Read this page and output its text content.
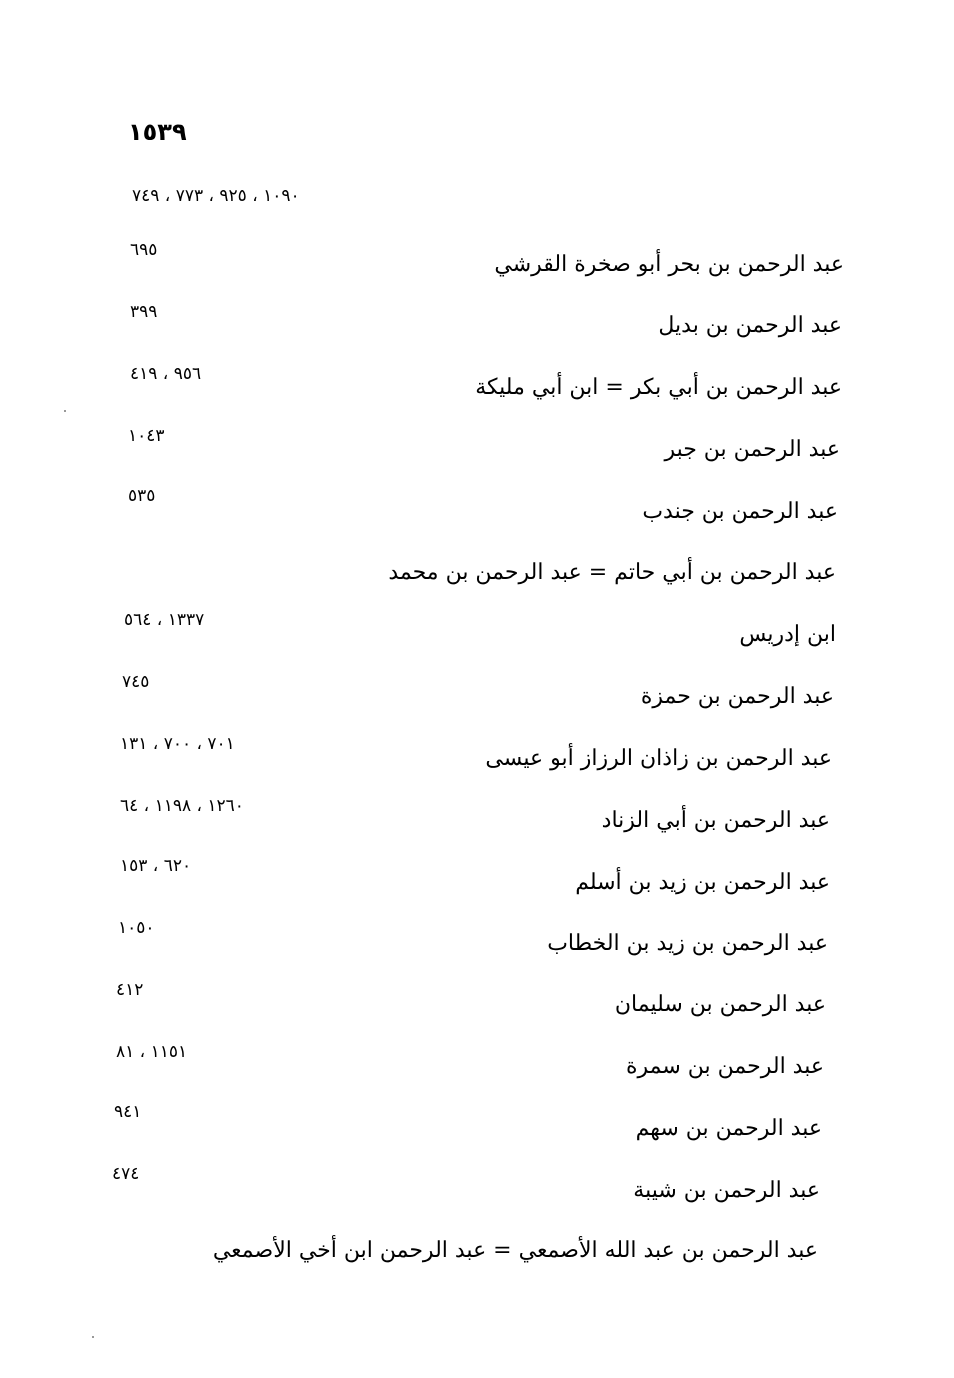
١٥٣٩
١٠٩٠ ، ٩٢٥ ، ٧٧٣ ، ٧٤٩
٦٩٥
عبد الرحمن بن بحر أبو صخرة القرشي
٣٩٩
عبد الرحمن بن بديل
٩٥٦ ، ٤١٩
عبد الرحمن بن أبي بكر = ابن أبي مليكة
١٠٤٣
عبد الرحمن بن جبر
٥٣٥
عبد الرحمن بن جندب
عبد الرحمن بن أبي حاتم = عبد الرحمن بن محمد
١٣٣٧ ، ٥٦٤
ابن إدريس
٧٤٥
عبد الرحمن بن حمزة
٧٠١ ، ٧٠٠ ، ١٣١
عبد الرحمن بن زاذان الرزاز أبو عيسى
١٢٦٠ ، ١١٩٨ ، ٦٤
عبد الرحمن بن أبي الزناد
٦٢٠ ، ١٥٣
عبد الرحمن بن زيد بن أسلم
١٠٥٠
عبد الرحمن بن زيد بن الخطاب
٤١٢
عبد الرحمن بن سليمان
١١٥١ ، ٨١
عبد الرحمن بن سمرة
٩٤١
عبد الرحمن بن سهم
٤٧٤
عبد الرحمن بن شيبة
عبد الرحمن بن عبد الله الأصمعي = عبد الرحمن ابن أخي الأصمعي
